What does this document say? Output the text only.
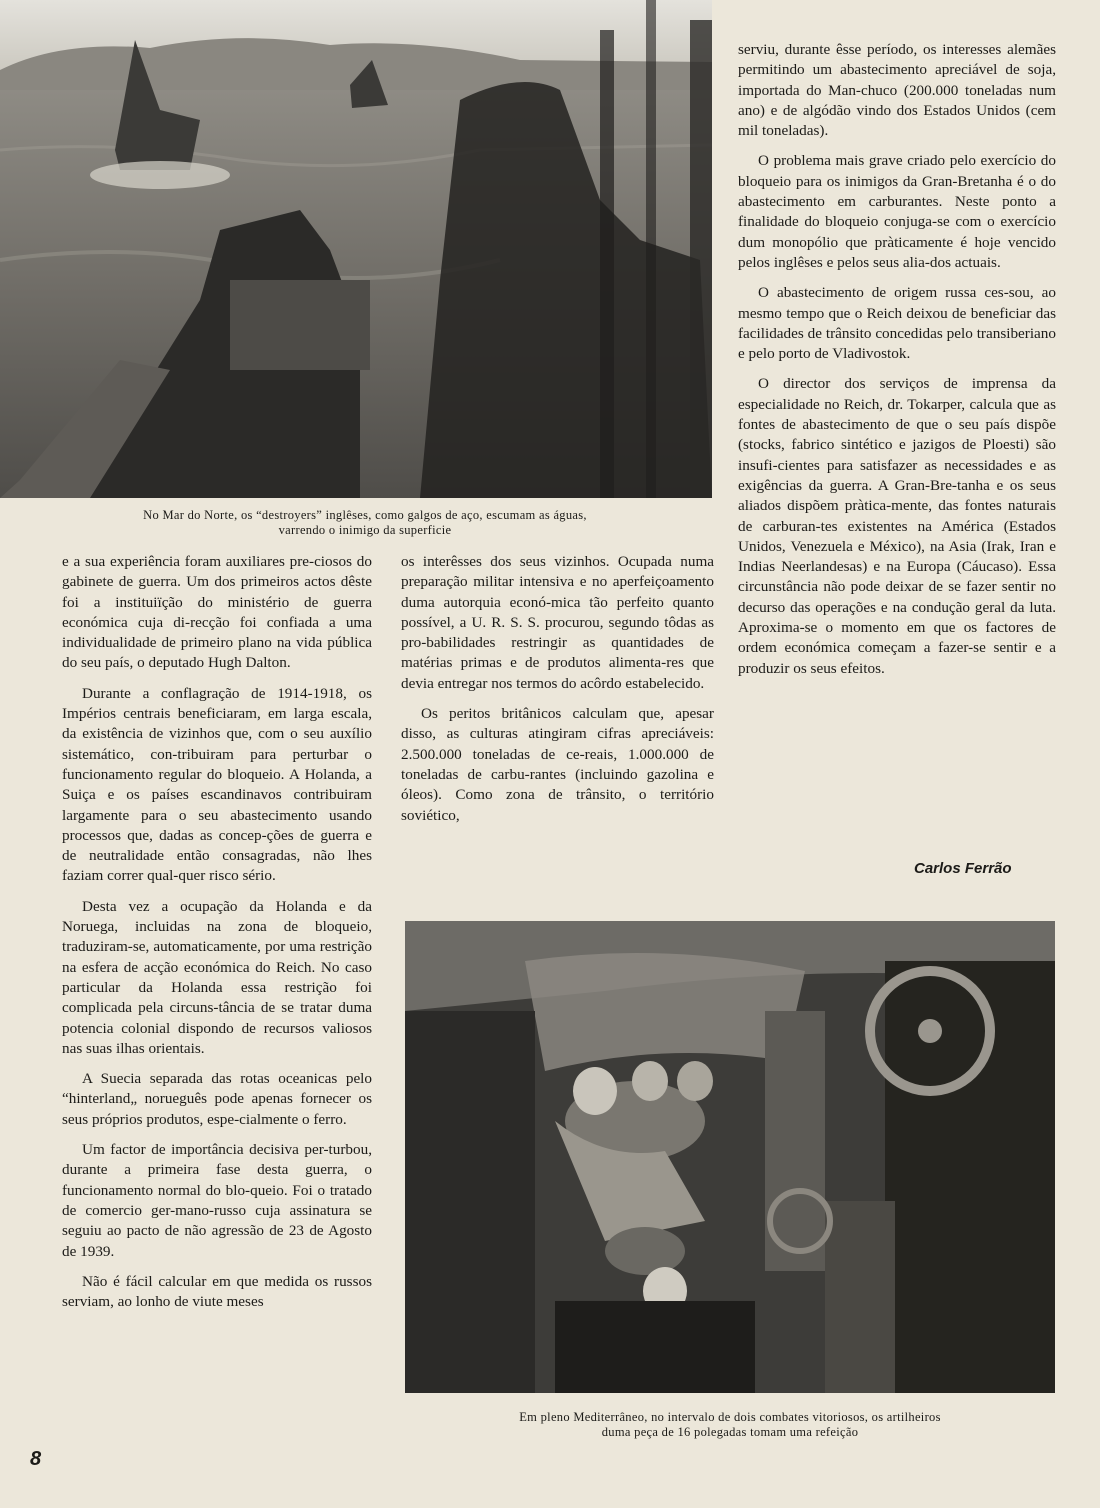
No Mar do Norte, os “destroyers” inglêses, como galgos de aço, escumam as águas,
varrendo o inimigo da superficie

e a sua experiência foram auxiliares pre-ciosos do gabinete de guerra. Um dos primeiros actos dêste foi a instituiïção do ministério de guerra económica cuja di-recção foi confiada a uma individualidade de primeiro plano na vida pública do seu país, o deputado Hugh Dalton.

Durante a conflagração de 1914-1918, os Impérios centrais beneficiaram, em larga escala, da existência de vizinhos que, com o seu auxílio sistemático, con-tribuiram para perturbar o funcionamento regular do bloqueio. A Holanda, a Suiça e os países escandinavos contribuiram largamente para o seu abastecimento usando processos que, dadas as concep-ções de guerra e de neutralidade então consagradas, não lhes faziam correr qual-quer risco sério.

Desta vez a ocupação da Holanda e da Noruega, incluidas na zona de bloqueio, traduziram-se, automaticamente, por uma restrição na esfera de acção económica do Reich. No caso particular da Holanda essa restrição foi complicada pela circuns-tância de se tratar duma potencia colonial dispondo de recursos valiosos nas suas ilhas orientais.

A Suecia separada das rotas oceanicas pelo “hinterland„ norueguês pode apenas fornecer os seus próprios produtos, espe-cialmente o ferro.

Um factor de importância decisiva per-turbou, durante a primeira fase desta guerra, o funcionamento normal do blo-queio. Foi o tratado de comercio ger-mano-russo cuja assinatura se seguiu ao pacto de não agressão de 23 de Agosto de 1939.

Não é fácil calcular em que medida os russos serviam, ao lonho de viute meses

os interêsses dos seus vizinhos. Ocupada numa preparação militar intensiva e no aperfeiçoamento duma autorquia econó-mica tão perfeito quanto possível, a U. R. S. S. procurou, segundo tôdas as pro-babilidades restringir as quantidades de matérias primas e de produtos alimenta-res que devia entregar nos termos do acôrdo estabelecido.

Os peritos britânicos calculam que, apesar disso, as culturas atingiram cifras apreciáveis: 2.500.000 toneladas de ce-reais, 1.000.000 de toneladas de carbu-rantes (incluindo gazolina e óleos). Como zona de trânsito, o território soviético,

serviu, durante êsse período, os interesses alemães permitindo um abastecimento apreciável de soja, importada do Man-chuco (200.000 toneladas num ano) e de algódão vindo dos Estados Unidos (cem mil toneladas).

O problema mais grave criado pelo exercício do bloqueio para os inimigos da Gran-Bretanha é o do abastecimento em carburantes. Neste ponto a finalidade do bloqueio conjuga-se com o exercício dum monopólio que pràticamente é hoje vencido pelos inglêses e pelos seus alia-dos actuais.

O abastecimento de origem russa ces-sou, ao mesmo tempo que o Reich deixou de beneficiar das facilidades de trânsito concedidas pelo transiberiano e pelo porto de Vladivostok.

O director dos serviços de imprensa da especialidade no Reich, dr. Tokarper, calcula que as fontes de abastecimento de que o seu país dispõe (stocks, fabrico sintético e jazigos de Ploesti) são insufi-cientes para satisfazer as necessidades e as exigências da guerra. A Gran-Bre-tanha e os seus aliados dispõem pràtica-mente, das fontes naturais de carburan-tes existentes na América (Estados Unidos, Venezuela e México), na Asia (Irak, Iran e Indias Neerlandesas) e na Europa (Cáucaso). Essa circunstância não pode deixar de se fazer sentir no decurso das operações e na condução geral da luta. Aproxima-se o momento em que os factores de ordem económica começam a fazer-se sentir e a produzir os seus efeitos.

Carlos Ferrão
Em pleno Mediterrâneo, no intervalo de dois combates vitoriosos, os artilheiros
duma peça de 16 polegadas tomam uma refeição
8
